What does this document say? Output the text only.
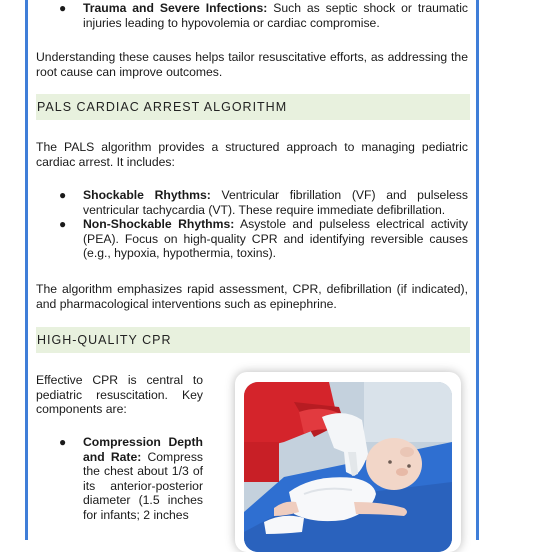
● Trauma and Severe Infections: Such as septic shock or traumatic injuries leading to hypovolemia or cardiac compromise.

Understanding these causes helps tailor resuscitative efforts, as addressing the root cause can improve outcomes.

PALS CARDIAC ARREST ALGORITHM

The PALS algorithm provides a structured approach to managing pediatric cardiac arrest. It includes:

● Shockable Rhythms: Ventricular fibrillation (VF) and pulseless ventricular tachycardia (VT). These require immediate defibrillation.
● Non-Shockable Rhythms: Asystole and pulseless electrical activity (PEA). Focus on high-quality CPR and identifying reversible causes (e.g., hypoxia, hypothermia, toxins).

The algorithm emphasizes rapid assessment, CPR, defibrillation (if indicated), and pharmacological interventions such as epinephrine.

HIGH-QUALITY CPR

Effective CPR is central to pediatric resuscitation. Key components are:

● Compression Depth and Rate: Compress the chest about 1/3 of its anterior-posterior diameter (1.5 inches for infants; 2 inches
